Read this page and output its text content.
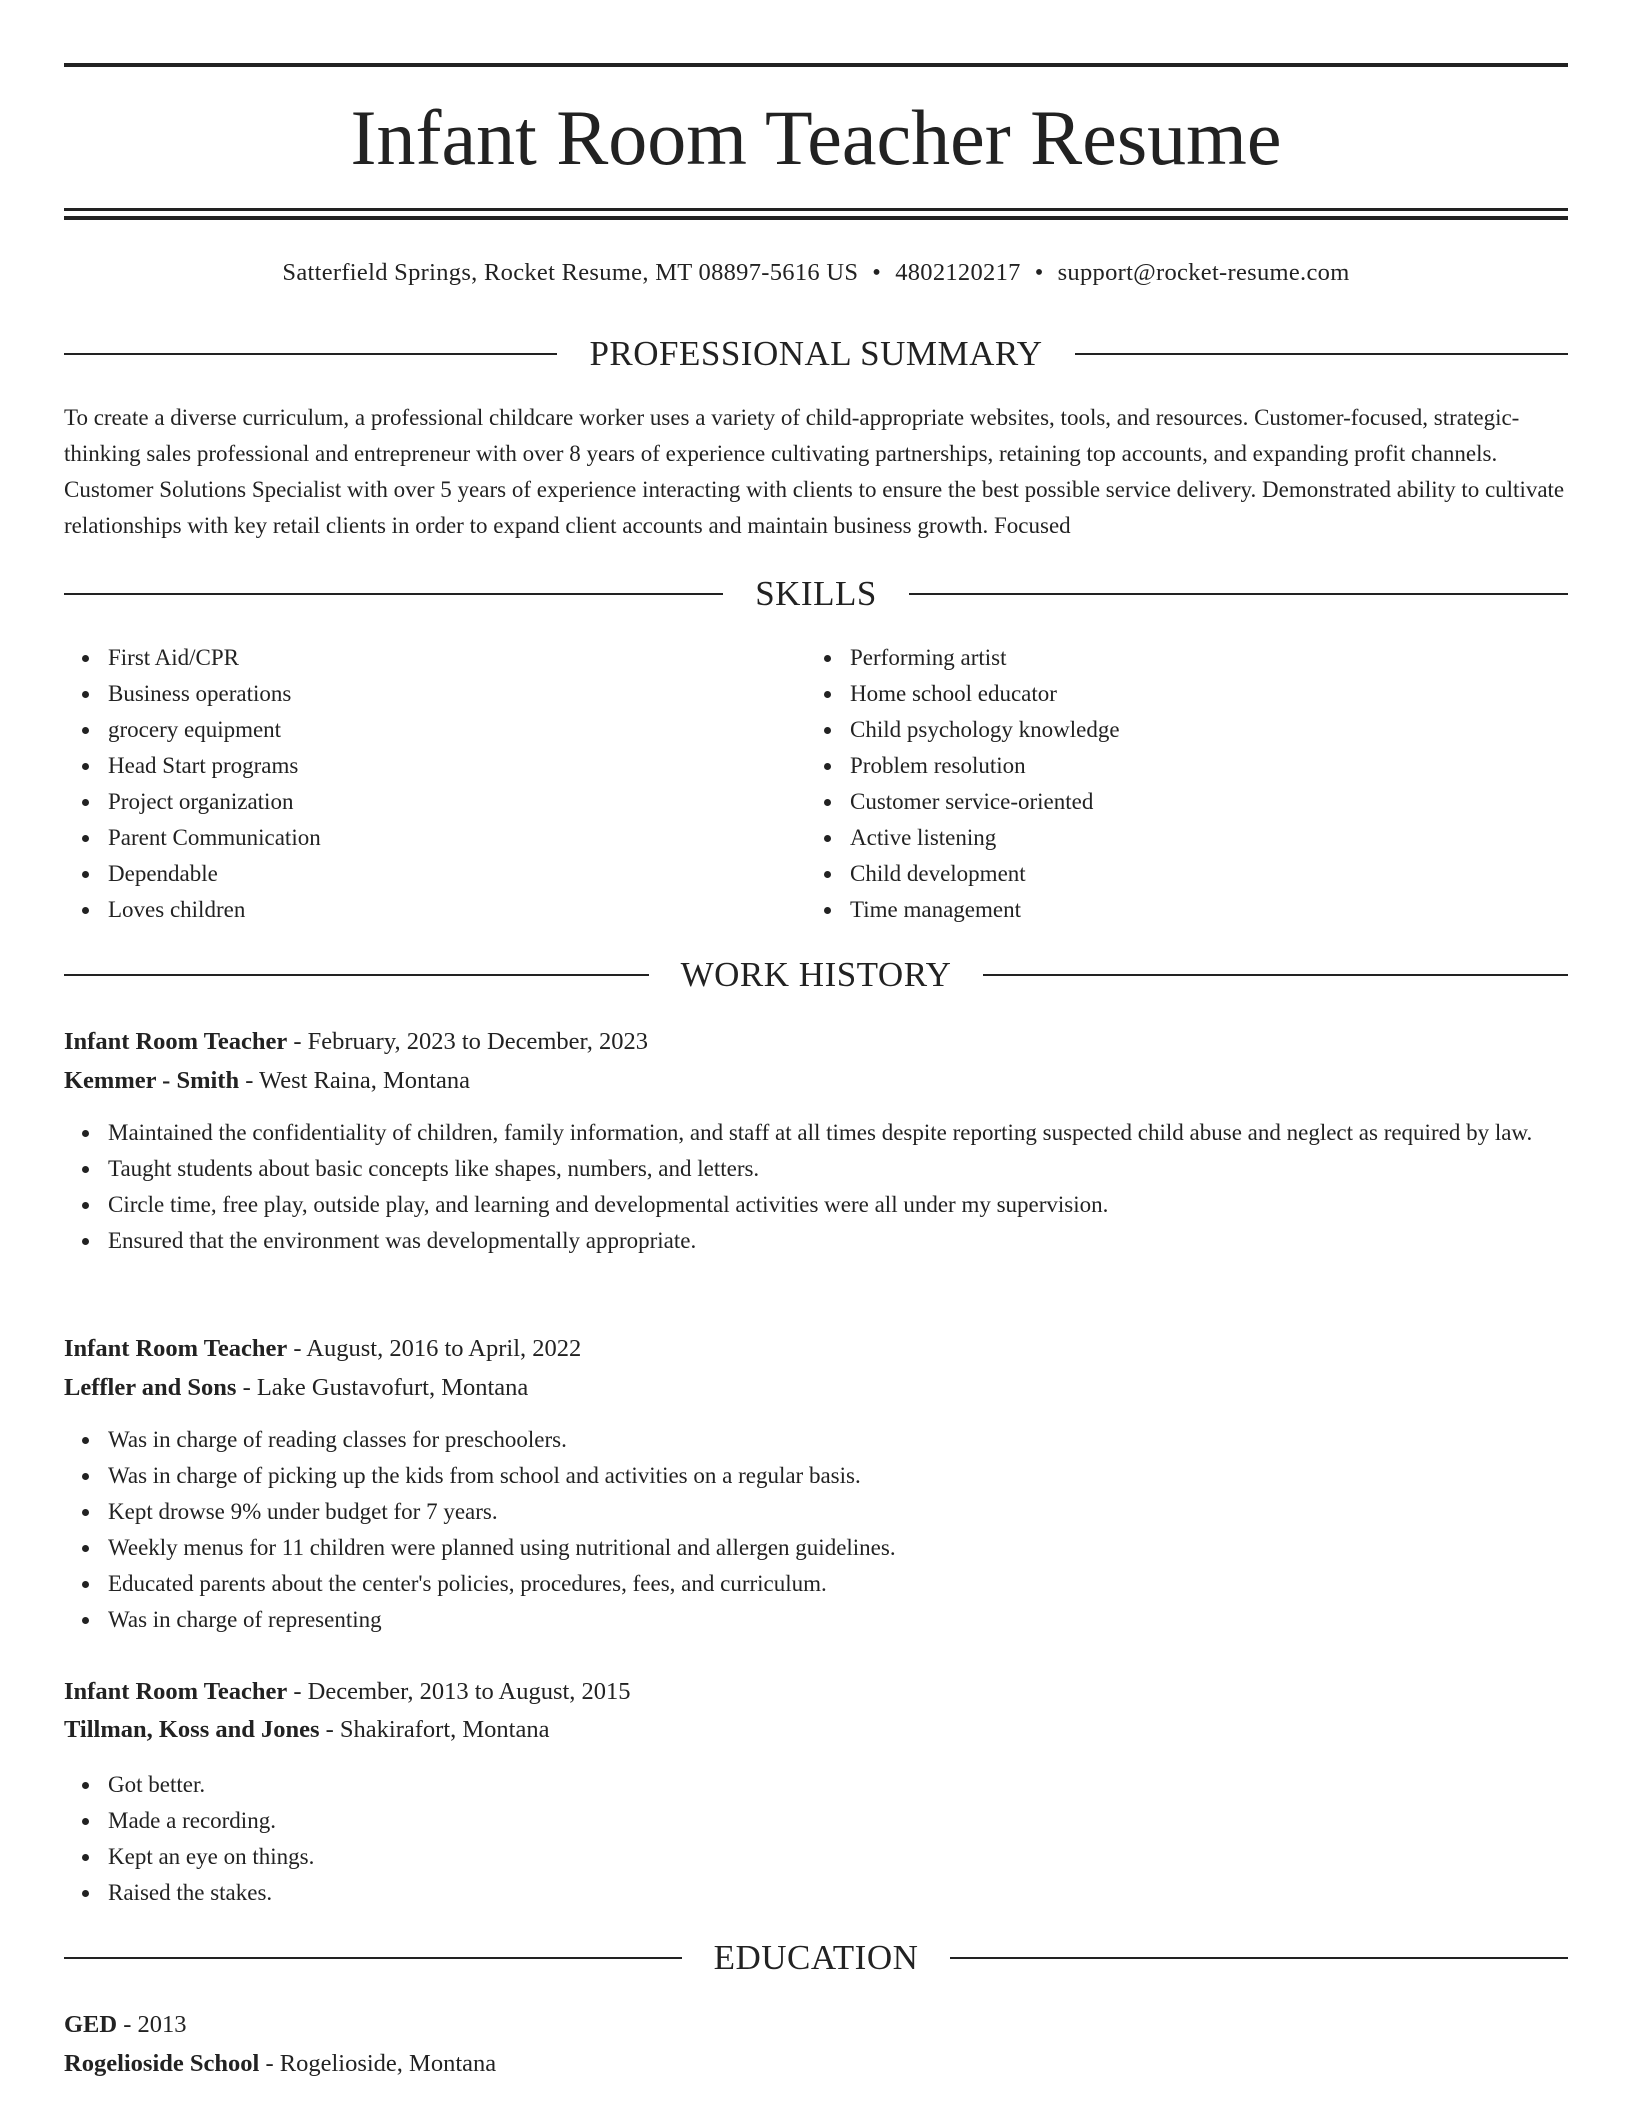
Infant Room Teacher Resume
Satterfield Springs, Rocket Resume, MT 08897-5616 US • 4802120217 • support@rocket-resume.com
PROFESSIONAL SUMMARY

To create a diverse curriculum, a professional childcare worker uses a variety of child-appropriate websites, tools, and resources. Customer-focused, strategic-thinking sales professional and entrepreneur with over 8 years of experience cultivating partnerships, retaining top accounts, and expanding profit channels. Customer Solutions Specialist with over 5 years of experience interacting with clients to ensure the best possible service delivery. Demonstrated ability to cultivate relationships with key retail clients in order to expand client accounts and maintain business growth. Focused

SKILLS
First Aid/CPR
Business operations
grocery equipment
Head Start programs
Project organization
Parent Communication
Dependable
Loves children
Performing artist
Home school educator
Child psychology knowledge
Problem resolution
Customer service-oriented
Active listening
Child development
Time management
WORK HISTORY
Infant Room Teacher - February, 2023 to December, 2023
Kemmer - Smith - West Raina, Montana
Maintained the confidentiality of children, family information, and staff at all times despite reporting suspected child abuse and neglect as required by law.
Taught students about basic concepts like shapes, numbers, and letters.
Circle time, free play, outside play, and learning and developmental activities were all under my supervision.
Ensured that the environment was developmentally appropriate.
Infant Room Teacher - August, 2016 to April, 2022
Leffler and Sons - Lake Gustavofurt, Montana
Was in charge of reading classes for preschoolers.
Was in charge of picking up the kids from school and activities on a regular basis.
Kept drowse 9% under budget for 7 years.
Weekly menus for 11 children were planned using nutritional and allergen guidelines.
Educated parents about the center's policies, procedures, fees, and curriculum.
Was in charge of representing
Infant Room Teacher - December, 2013 to August, 2015
Tillman, Koss and Jones - Shakirafort, Montana
Got better.
Made a recording.
Kept an eye on things.
Raised the stakes.
EDUCATION
GED - 2013
Rogelioside School - Rogelioside, Montana
